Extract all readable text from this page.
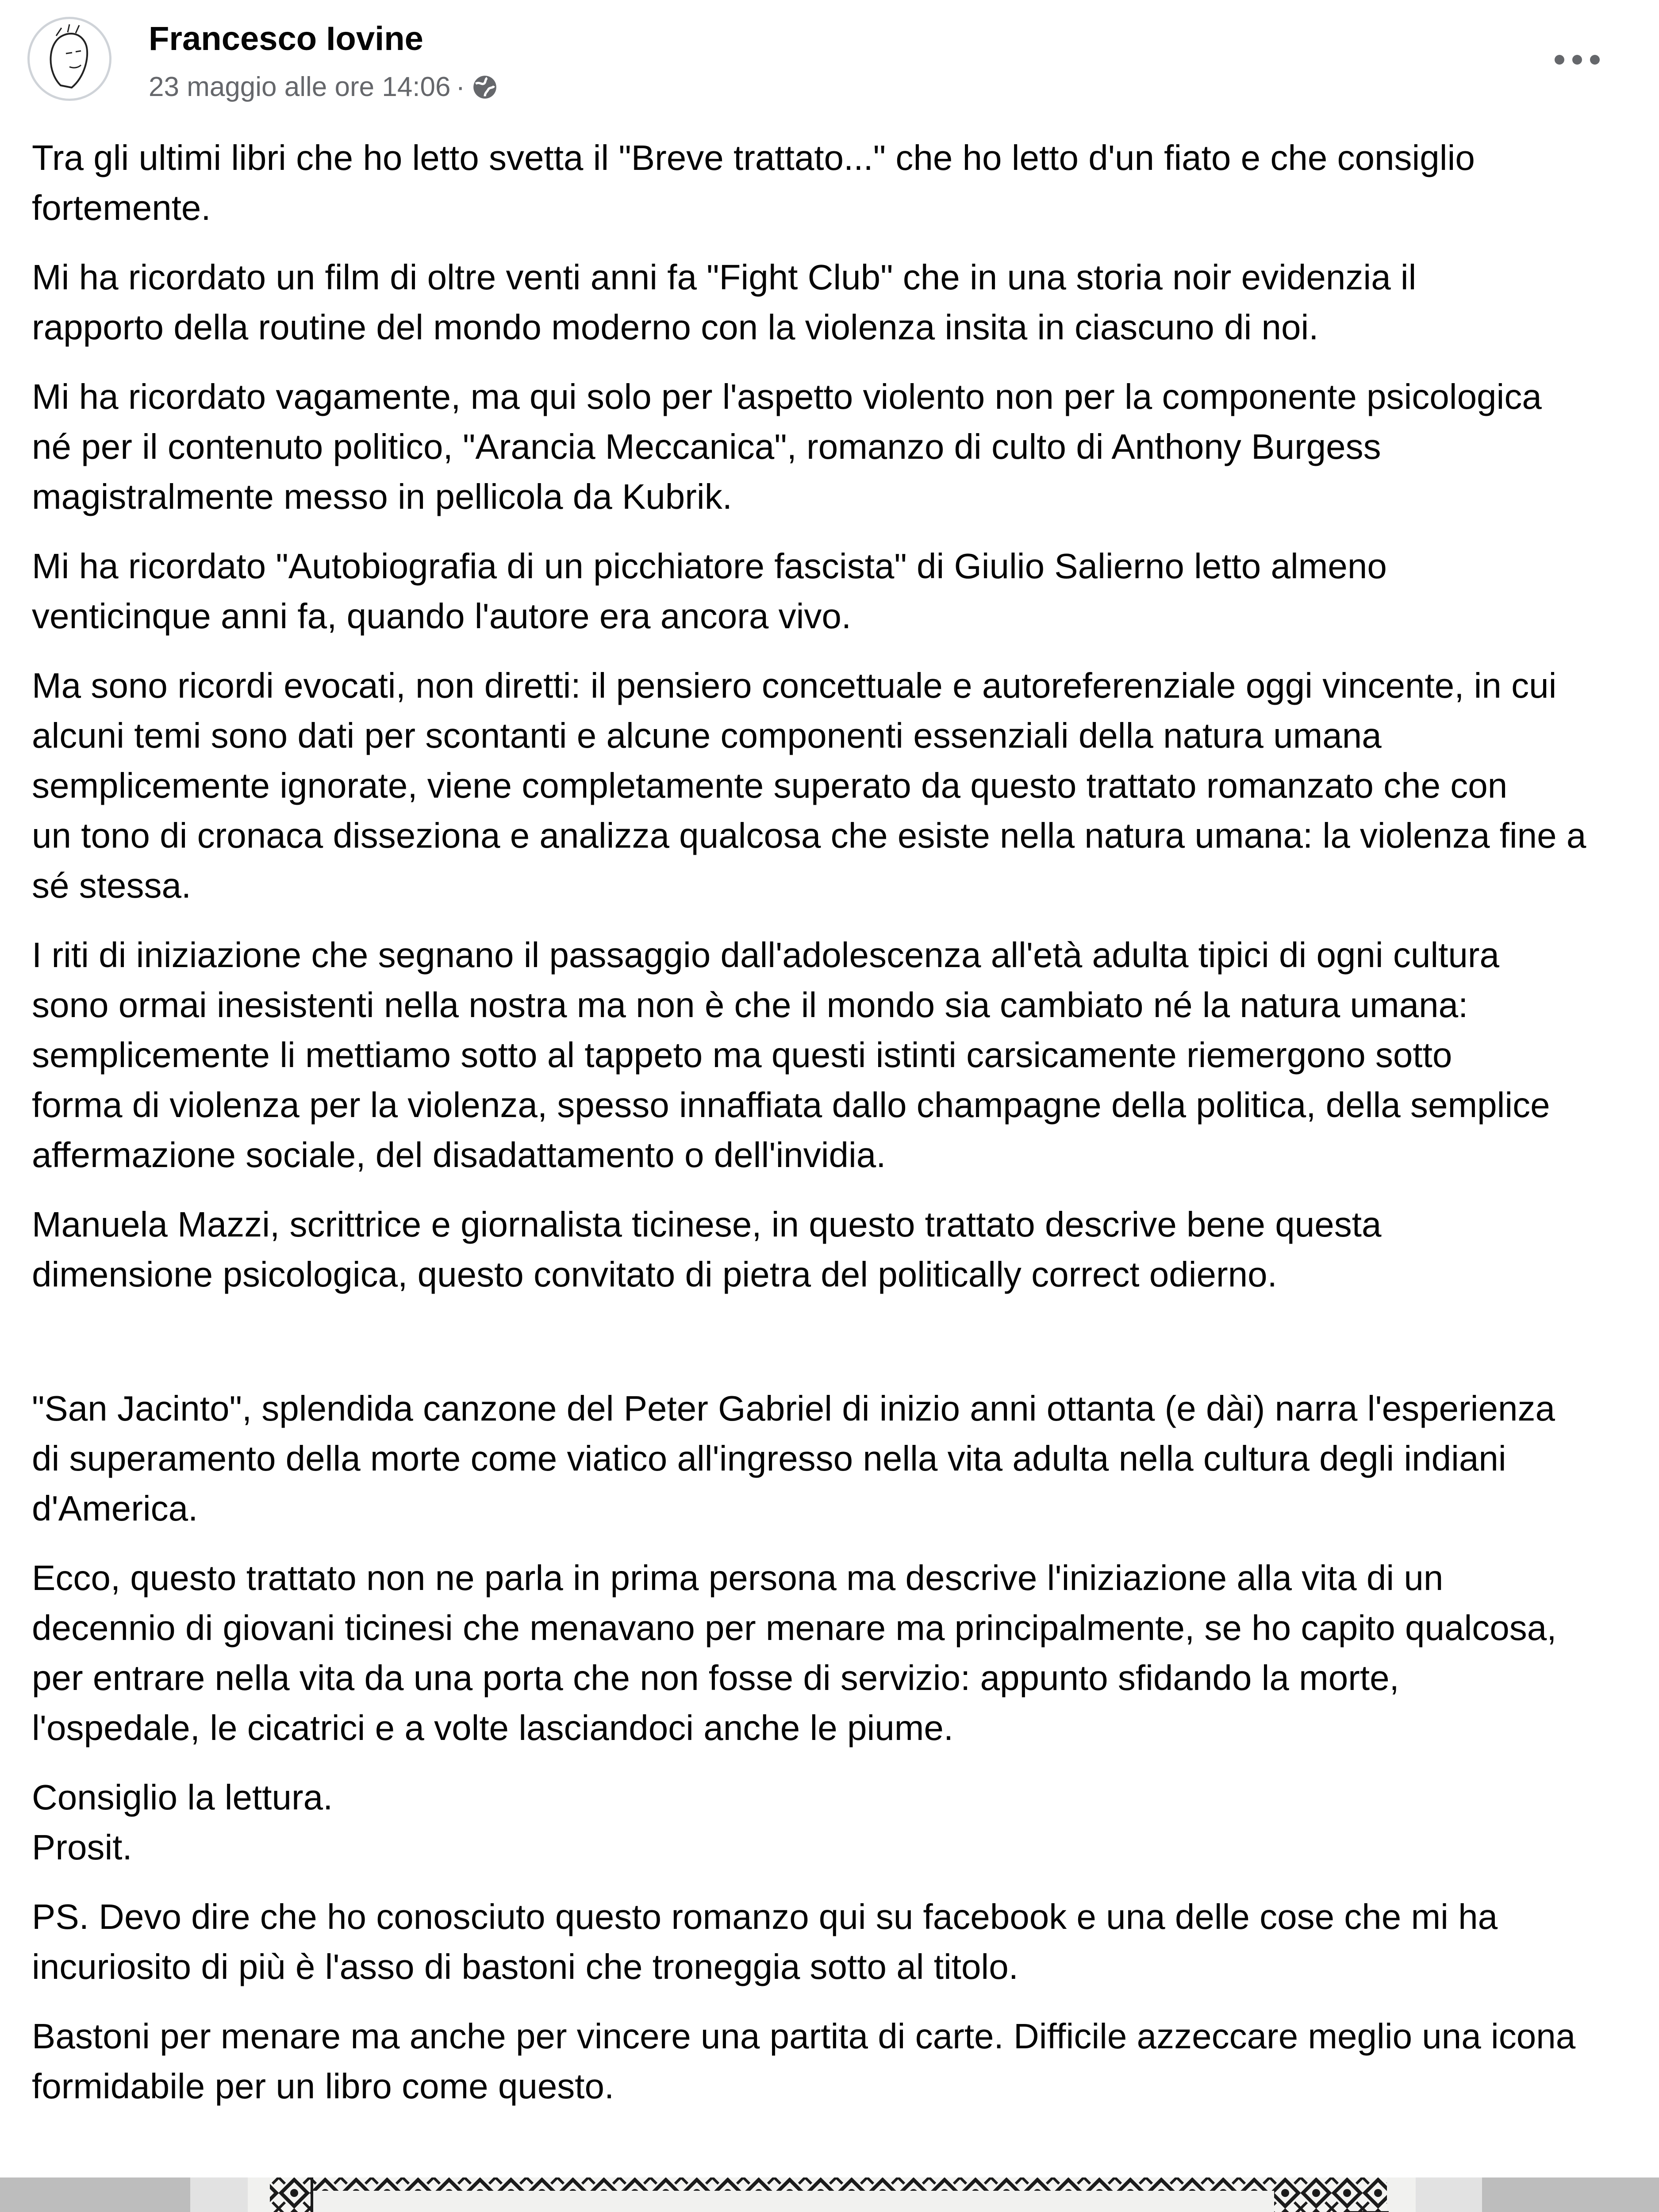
Francesco Iovine
23 maggio alle ore 14:06 ·

Tra gli ultimi libri che ho letto svetta il "Breve trattato..." che ho letto d'un fiato e che consiglio
fortemente.

Mi ha ricordato un film di oltre venti anni fa "Fight Club" che in una storia noir evidenzia il
rapporto della routine del mondo moderno con la violenza insita in ciascuno di noi.

Mi ha ricordato vagamente, ma qui solo per l'aspetto violento non per la componente psicologica
né per il contenuto politico, "Arancia Meccanica", romanzo di culto di Anthony Burgess
magistralmente messo in pellicola da Kubrik.

Mi ha ricordato "Autobiografia di un picchiatore fascista" di Giulio Salierno letto almeno
venticinque anni fa, quando l'autore era ancora vivo.

Ma sono ricordi evocati, non diretti: il pensiero concettuale e autoreferenziale oggi vincente, in cui
alcuni temi sono dati per scontanti e alcune componenti essenziali della natura umana
semplicemente ignorate, viene completamente superato da questo trattato romanzato che con
un tono di cronaca disseziona e analizza qualcosa che esiste nella natura umana: la violenza fine a
sé stessa.

I riti di iniziazione che segnano il passaggio dall'adolescenza all'età adulta tipici di ogni cultura
sono ormai inesistenti nella nostra ma non è che il mondo sia cambiato né la natura umana:
semplicemente li mettiamo sotto al tappeto ma questi istinti carsicamente riemergono sotto
forma di violenza per la violenza, spesso innaffiata dallo champagne della politica, della semplice
affermazione sociale, del disadattamento o dell'invidia.

Manuela Mazzi, scrittrice e giornalista ticinese, in questo trattato descrive bene questa
dimensione psicologica, questo convitato di pietra del politically correct odierno.

"San Jacinto", splendida canzone del Peter Gabriel di inizio anni ottanta (e dài) narra l'esperienza
di superamento della morte come viatico all'ingresso nella vita adulta nella cultura degli indiani
d'America.

Ecco, questo trattato non ne parla in prima persona ma descrive l'iniziazione alla vita di un
decennio di giovani ticinesi che menavano per menare ma principalmente, se ho capito qualcosa,
per entrare nella vita da una porta che non fosse di servizio: appunto sfidando la morte,
l'ospedale, le cicatrici e a volte lasciandoci anche le piume.

Consiglio la lettura.
Prosit.

PS. Devo dire che ho conosciuto questo romanzo qui su facebook e una delle cose che mi ha
incuriosito di più è l'asso di bastoni che troneggia sotto al titolo.

Bastoni per menare ma anche per vincere una partita di carte. Difficile azzeccare meglio una icona
formidabile per un libro come questo.
